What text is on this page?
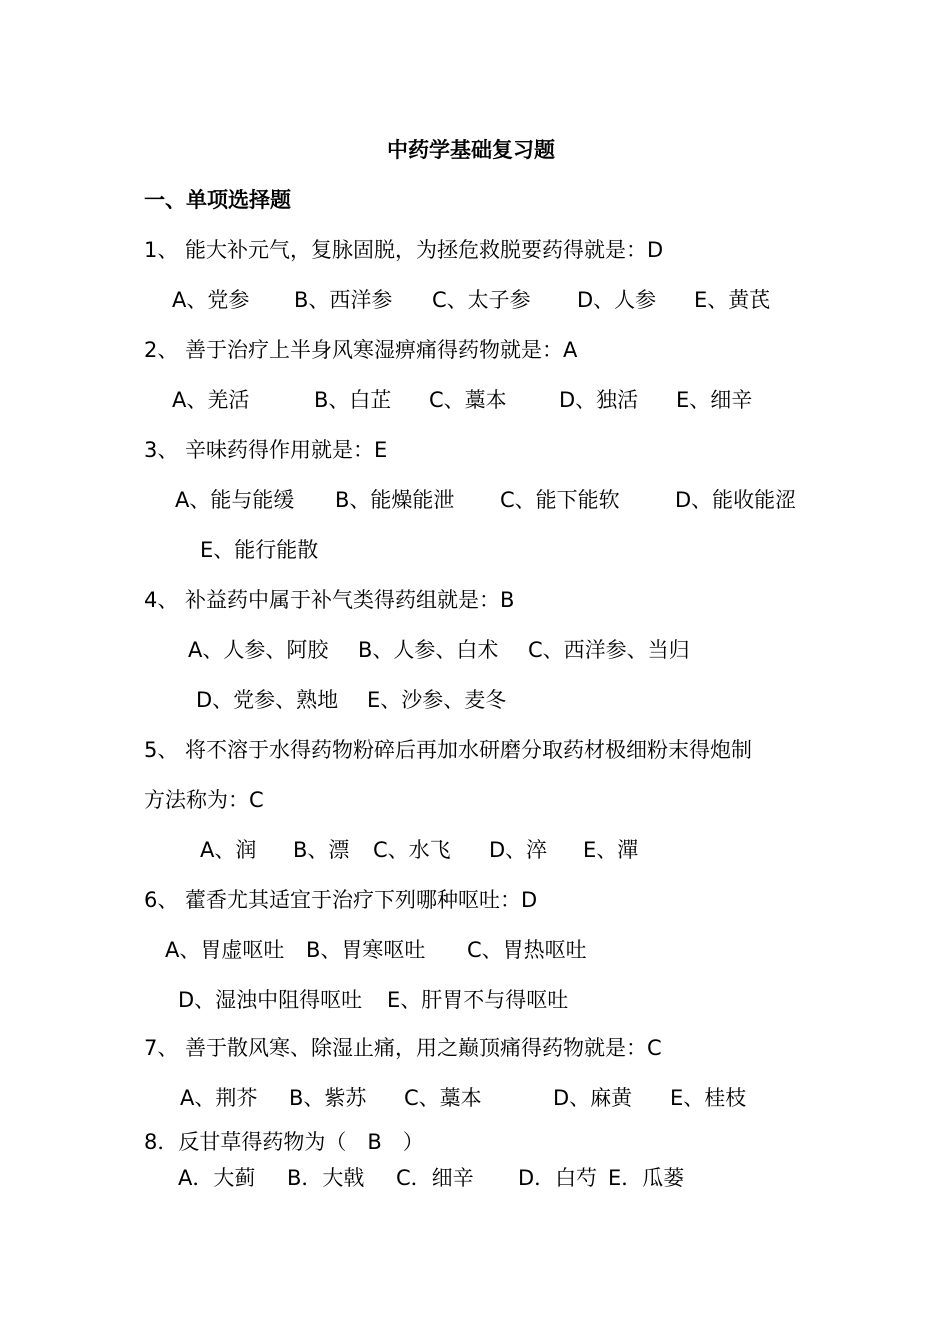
中药学基础复习题
一、单项选择题
1、 能大补元气，复脉固脱，为拯危救脱要药得就是：D
A、党参 B、西洋参 C、太子参 D、人参 E、黄芪
2、 善于治疗上半身风寒湿痹痛得药物就是：A
A、羌活	B、白芷 C、藁本 D、独活 E、细辛
3、 辛味药得作用就是：E
A、能与能缓 B、能燥能泄 C、能下能软	D、能收能涩
E、能行能散
4、 补益药中属于补气类得药组就是：B
A、人参、阿胶 B、人参、白术 C、西洋参、当归
D、党参、熟地 E、沙参、麦冬
5、 将不溶于水得药物粉碎后再加水研磨分取药材极细粉末得炮制
方法称为：C
A、润 B、漂 C、水飞 D、淬 E、潬
6、 藿香尤其适宜于治疗下列哪种呕吐：D
A、胃虚呕吐 B、胃寒呕吐 C、胃热呕吐
D、湿浊中阻得呕吐 E、肝胃不与得呕吐
7、 善于散风寒、除湿止痛，用之巅顶痛得药物就是：C
A、荆芥 B、紫苏 C、藁本	D、麻黄 E、桂枝
8．反甘草得药物为（　B　）
A．大蓟 B．大戟 C．细辛 D．白芍 E．瓜蒌
